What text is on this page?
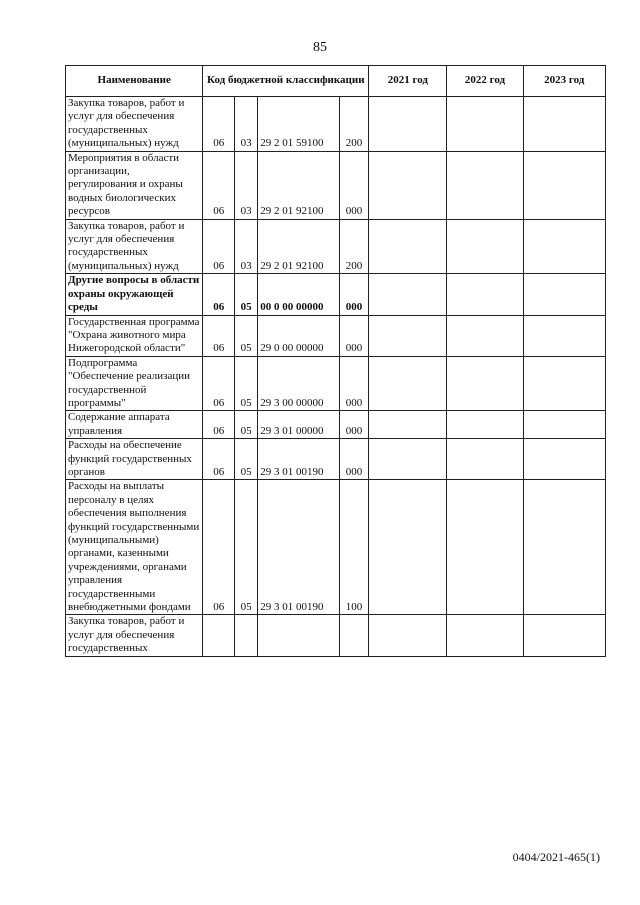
85
Наименование	Код бюджетной классификации				2021 год	2022 год	2023 год
Закупка товаров, работ и услуг для обеспечения государственных (муниципальных) нужд	06	03	29 2 01 59100	200			
Мероприятия в области организации, регулирования и охраны водных биологических ресурсов	06	03	29 2 01 92100	000			
Закупка товаров, работ и услуг для обеспечения государственных (муниципальных) нужд	06	03	29 2 01 92100	200			
Другие вопросы в области охраны окружающей среды	06	05	00 0 00 00000	000			
Государственная программа "Охрана животного мира Нижегородской области"	06	05	29 0 00 00000	000			
Подпрограмма "Обеспечение реализации государственной программы"	06	05	29 3 00 00000	000			
Содержание аппарата управления	06	05	29 3 01 00000	000			
Расходы на обеспечение функций государственных органов	06	05	29 3 01 00190	000			
Расходы на выплаты персоналу в целях обеспечения выполнения функций государственными (муниципальными) органами, казенными учреждениями, органами управления государственными внебюджетными фондами	06	05	29 3 01 00190	100			
Закупка товаров, работ и услуг для обеспечения государственных							
0404/2021-465(1)
